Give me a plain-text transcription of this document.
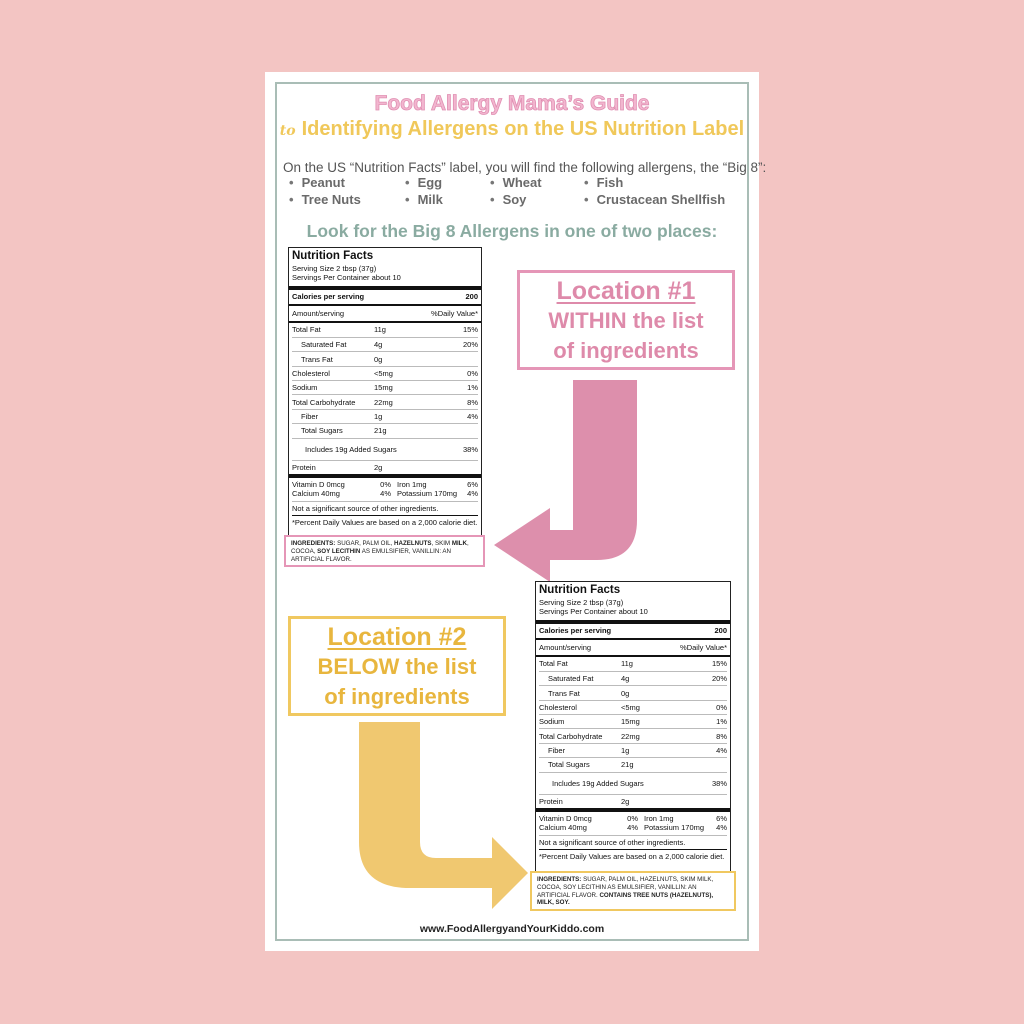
Food Allergy Mama’s Guide
to Identifying Allergens on the US Nutrition Label
On the US “Nutrition Facts” label, you will find the following allergens, the “Big 8”:
• Peanut	• Egg	• Wheat	• Fish
• Tree Nuts	• Milk	• Soy	• Crustacean Shellfish
Look for the Big 8 Allergens in one of two places:
Nutrition Facts
Serving Size 2 tbsp (37g)
Servings Per Container about 10
Calories per serving	200
Amount/serving	%Daily Value*
Total Fat	11g	15%
Saturated Fat	4g	20%
Trans Fat	0g
Cholesterol	<5mg	0%
Sodium	15mg	1%
Total Carbohydrate	22mg	8%
Fiber	1g	4%
Total Sugars	21g
Includes 19g Added Sugars	38%
Protein	2g
Vitamin D 0mcg	0% Iron 1mg	6%
Calcium 40mg	4% Potassium 170mg	4%
Not a significant source of other ingredients.
*Percent Daily Values are based on a 2,000 calorie diet.
INGREDIENTS: SUGAR, PALM OIL, HAZELNUTS, SKIM MILK, COCOA, SOY LECITHIN AS EMULSIFIER, VANILLIN: AN ARTIFICIAL FLAVOR.
Location #1
WITHIN the list
of ingredients
Location #2
BELOW the list
of ingredients
Nutrition Facts
Serving Size 2 tbsp (37g)
Servings Per Container about 10
Calories per serving	200
Amount/serving	%Daily Value*
Total Fat	11g	15%
Saturated Fat	4g	20%
Trans Fat	0g
Cholesterol	<5mg	0%
Sodium	15mg	1%
Total Carbohydrate	22mg	8%
Fiber	1g	4%
Total Sugars	21g
Includes 19g Added Sugars	38%
Protein	2g
Vitamin D 0mcg	0% Iron 1mg	6%
Calcium 40mg	4% Potassium 170mg	4%
Not a significant source of other ingredients.
*Percent Daily Values are based on a 2,000 calorie diet.
INGREDIENTS: SUGAR, PALM OIL, HAZELNUTS, SKIM MILK, COCOA, SOY LECITHIN AS EMULSIFIER, VANILLIN: AN ARTIFICIAL FLAVOR. CONTAINS TREE NUTS (HAZELNUTS), MILK, SOY.
www.FoodAllergyandYourKiddo.com
